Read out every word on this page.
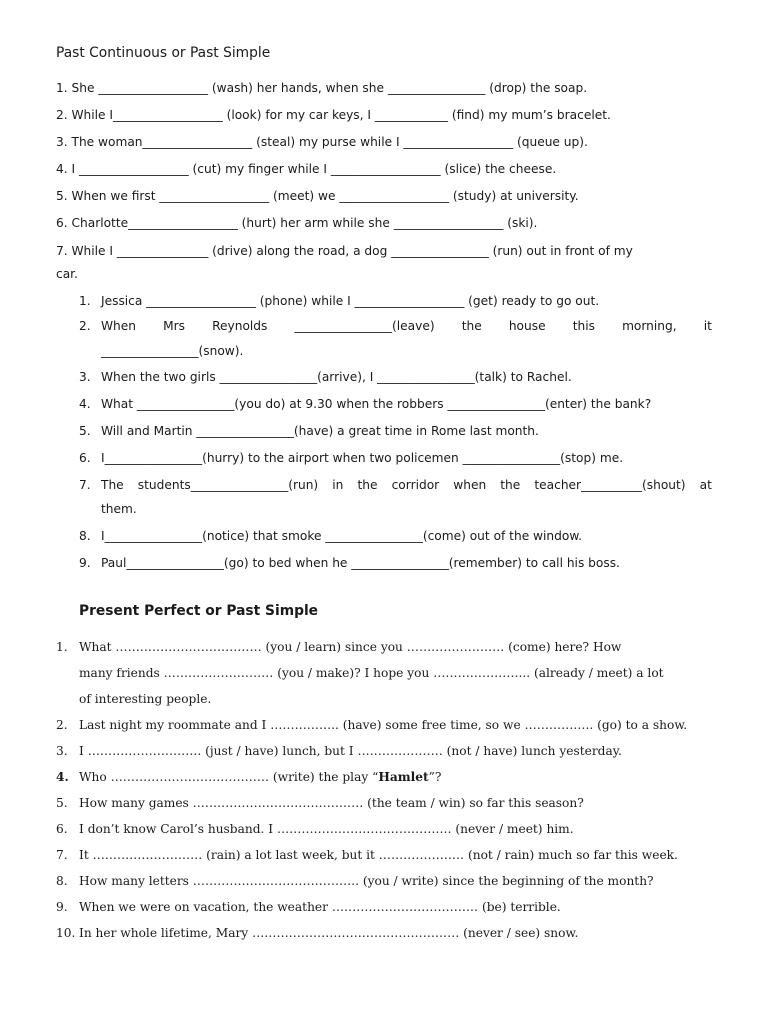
Past Continuous or Past Simple
1. She __________________ (wash) her hands, when she ________________ (drop) the soap.
2. While I__________________ (look) for my car keys, I ____________ (find) my mum’s bracelet.
3. The woman__________________ (steal) my purse while I __________________ (queue up).
4. I __________________ (cut) my finger while I __________________ (slice) the cheese.
5. When we first __________________ (meet) we __________________ (study) at university.
6. Charlotte__________________ (hurt) her arm while she __________________ (ski).
7. While I _______________ (drive) along the road, a dog ________________ (run) out in front of my
car.
1.
2.
3.
4.
5.
6.
7.
8.
9.
Jessica __________________ (phone) while I __________________ (get) ready to go out.
When Mrs Reynolds ________________(leave) the house this morning, it
________________(snow).
When the two girls ________________(arrive), I ________________(talk) to Rachel.
What ________________(you do) at 9.30 when the robbers ________________(enter) the bank?
Will and Martin ________________(have) a great time in Rome last month.
I________________(hurry) to the airport when two policemen ________________(stop) me.
The students________________(run) in the corridor when the teacher__________(shout) at
them.
I________________(notice) that smoke ________________(come) out of the window.
Paul________________(go) to bed when he ________________(remember) to call his boss.
Present Perfect or Past Simple
1.
2.
3.
4.
5.
6.
7.
8.
9.
10.
What ……………………………… (you / learn) since you …………………… (come) here? How
many friends ……………………… (you / make)? I hope you …………………... (already / meet) a lot
of interesting people.
Last night my roommate and I …………….. (have) some free time, so we …………….. (go) to a show.
I ………………………. (just / have) lunch, but I ………………… (not / have) lunch yesterday.
Who ………………………………… (write) the play “Hamlet”?
How many games …………………………………… (the team / win) so far this season?
I don’t know Carol’s husband. I ……………………………………. (never / meet) him.
It ……………………… (rain) a lot last week, but it ………………… (not / rain) much so far this week.
How many letters ………………………………….. (you / write) since the beginning of the month?
When we were on vacation, the weather ……………………………… (be) terrible.
In her whole lifetime, Mary …………………………………………… (never / see) snow.
